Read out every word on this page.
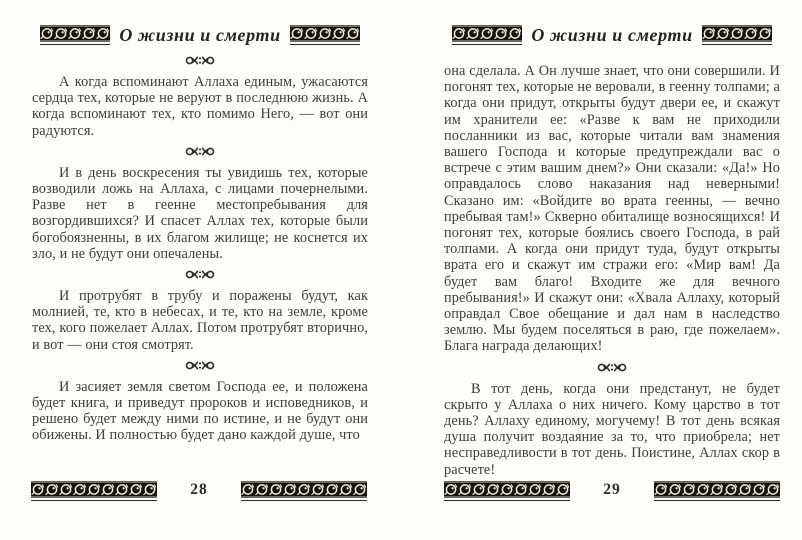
О жизни и смерти

А когда вспоминают Аллаха единым, ужасаются сердца тех, которые не веруют в последнюю жизнь. А когда вспоминают тех, кто помимо Него, — вот они радуются.

И в день воскресения ты увидишь тех, которые возводили ложь на Аллаха, с лицами почернелыми. Разве нет в геенне местопребывания для возгордившихся? И спасет Аллах тех, которые были богобоязненны, в их благом жилище; не коснется их зло, и не будут они опечалены.

И протрубят в трубу и поражены будут, как молнией, те, кто в небесах, и те, кто на земле, кроме тех, кого пожелает Аллах. Потом протрубят вторично, и вот — они стоя смотрят.

И засияет земля светом Господа ее, и положена будет книга, и приведут пророков и исповедников, и решено будет между ними по истине, и не будут они обижены. И полностью будет дано каждой душе, что

28
О жизни и смерти

она сделала. А Он лучше знает, что они совершили. И погонят тех, которые не веровали, в геенну толпами; а когда они придут, открыты будут двери ее, и скажут им хранители ее: «Разве к вам не приходили посланники из вас, которые читали вам знамения вашего Господа и которые предупреждали вас о встрече с этим вашим днем?» Они сказали: «Да!» Но оправдалось слово наказания над неверными! Сказано им: «Войдите во врата геенны, — вечно пребывая там!» Скверно обиталище возносящихся! И погонят тех, которые боялись своего Господа, в рай толпами. А когда они придут туда, будут открыты врата его и скажут им стражи его: «Мир вам! Да будет вам благо! Входите же для вечного пребывания!» И скажут они: «Хвала Аллаху, который оправдал Свое обещание и дал нам в наследство землю. Мы будем поселяться в раю, где пожелаем». Блага награда делающих!

В тот день, когда они предстанут, не будет скрыто у Аллаха о них ничего. Кому царство в тот день? Аллаху единому, могучему! В тот день всякая душа получит воздаяние за то, что приобрела; нет несправедливости в тот день. Поистине, Аллах скор в расчете!

29
